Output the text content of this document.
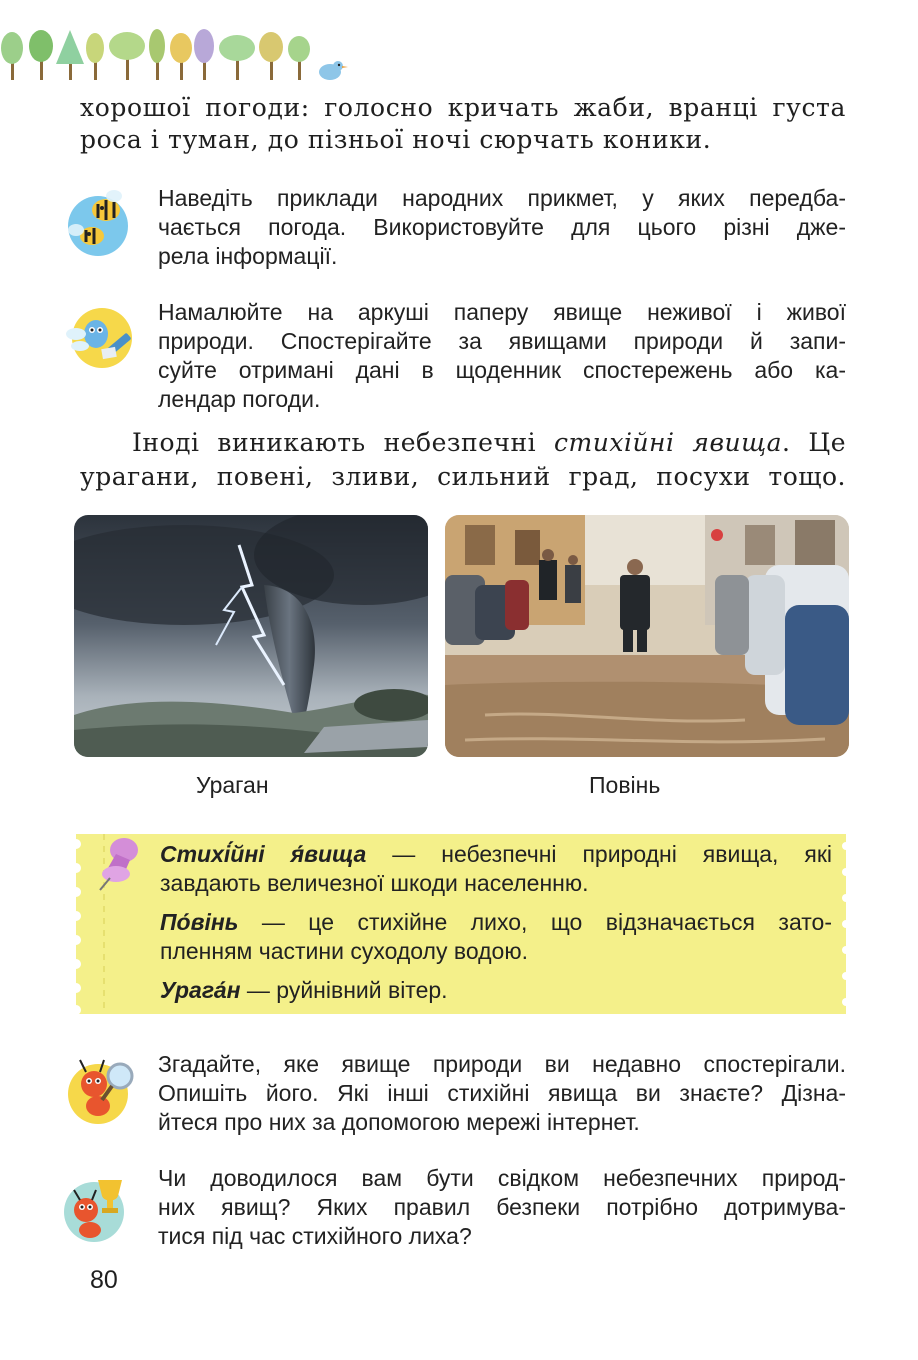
хорошої погоди: голосно кричать жаби, вранці густа
роса і туман, до пізньої ночі сюрчать коники.
Наведіть приклади народних прикмет, у яких передба-
чається погода. Використовуйте для цього різні дже-
рела інформації.
Намалюйте на аркуші паперу явище неживої і живої
природи. Спостерігайте за явищами природи й запи-
суйте отримані дані в щоденник спостережень або ка-
лендар погоди.
Іноді виникають небезпечні стихійні явища. Це
урагани, повені, зливи, сильний град, посухи тощо.
Ураган	Повінь

Стихі́йні я́вища — небезпечні природні явища, які
завдають величезної шкоди населенню.

По́вінь — це стихійне лихо, що відзначається зато-
пленням частини суходолу водою.

Урага́н — руйнівний вітер.

Згадайте, яке явище природи ви недавно спостерігали.
Опишіть його. Які інші стихійні явища ви знаєте? Дізна-
йтеся про них за допомогою мережі інтернет.
Чи доводилося вам бути свідком небезпечних природ-
них явищ? Яких правил безпеки потрібно дотримува-
тися під час стихійного лиха?
80
